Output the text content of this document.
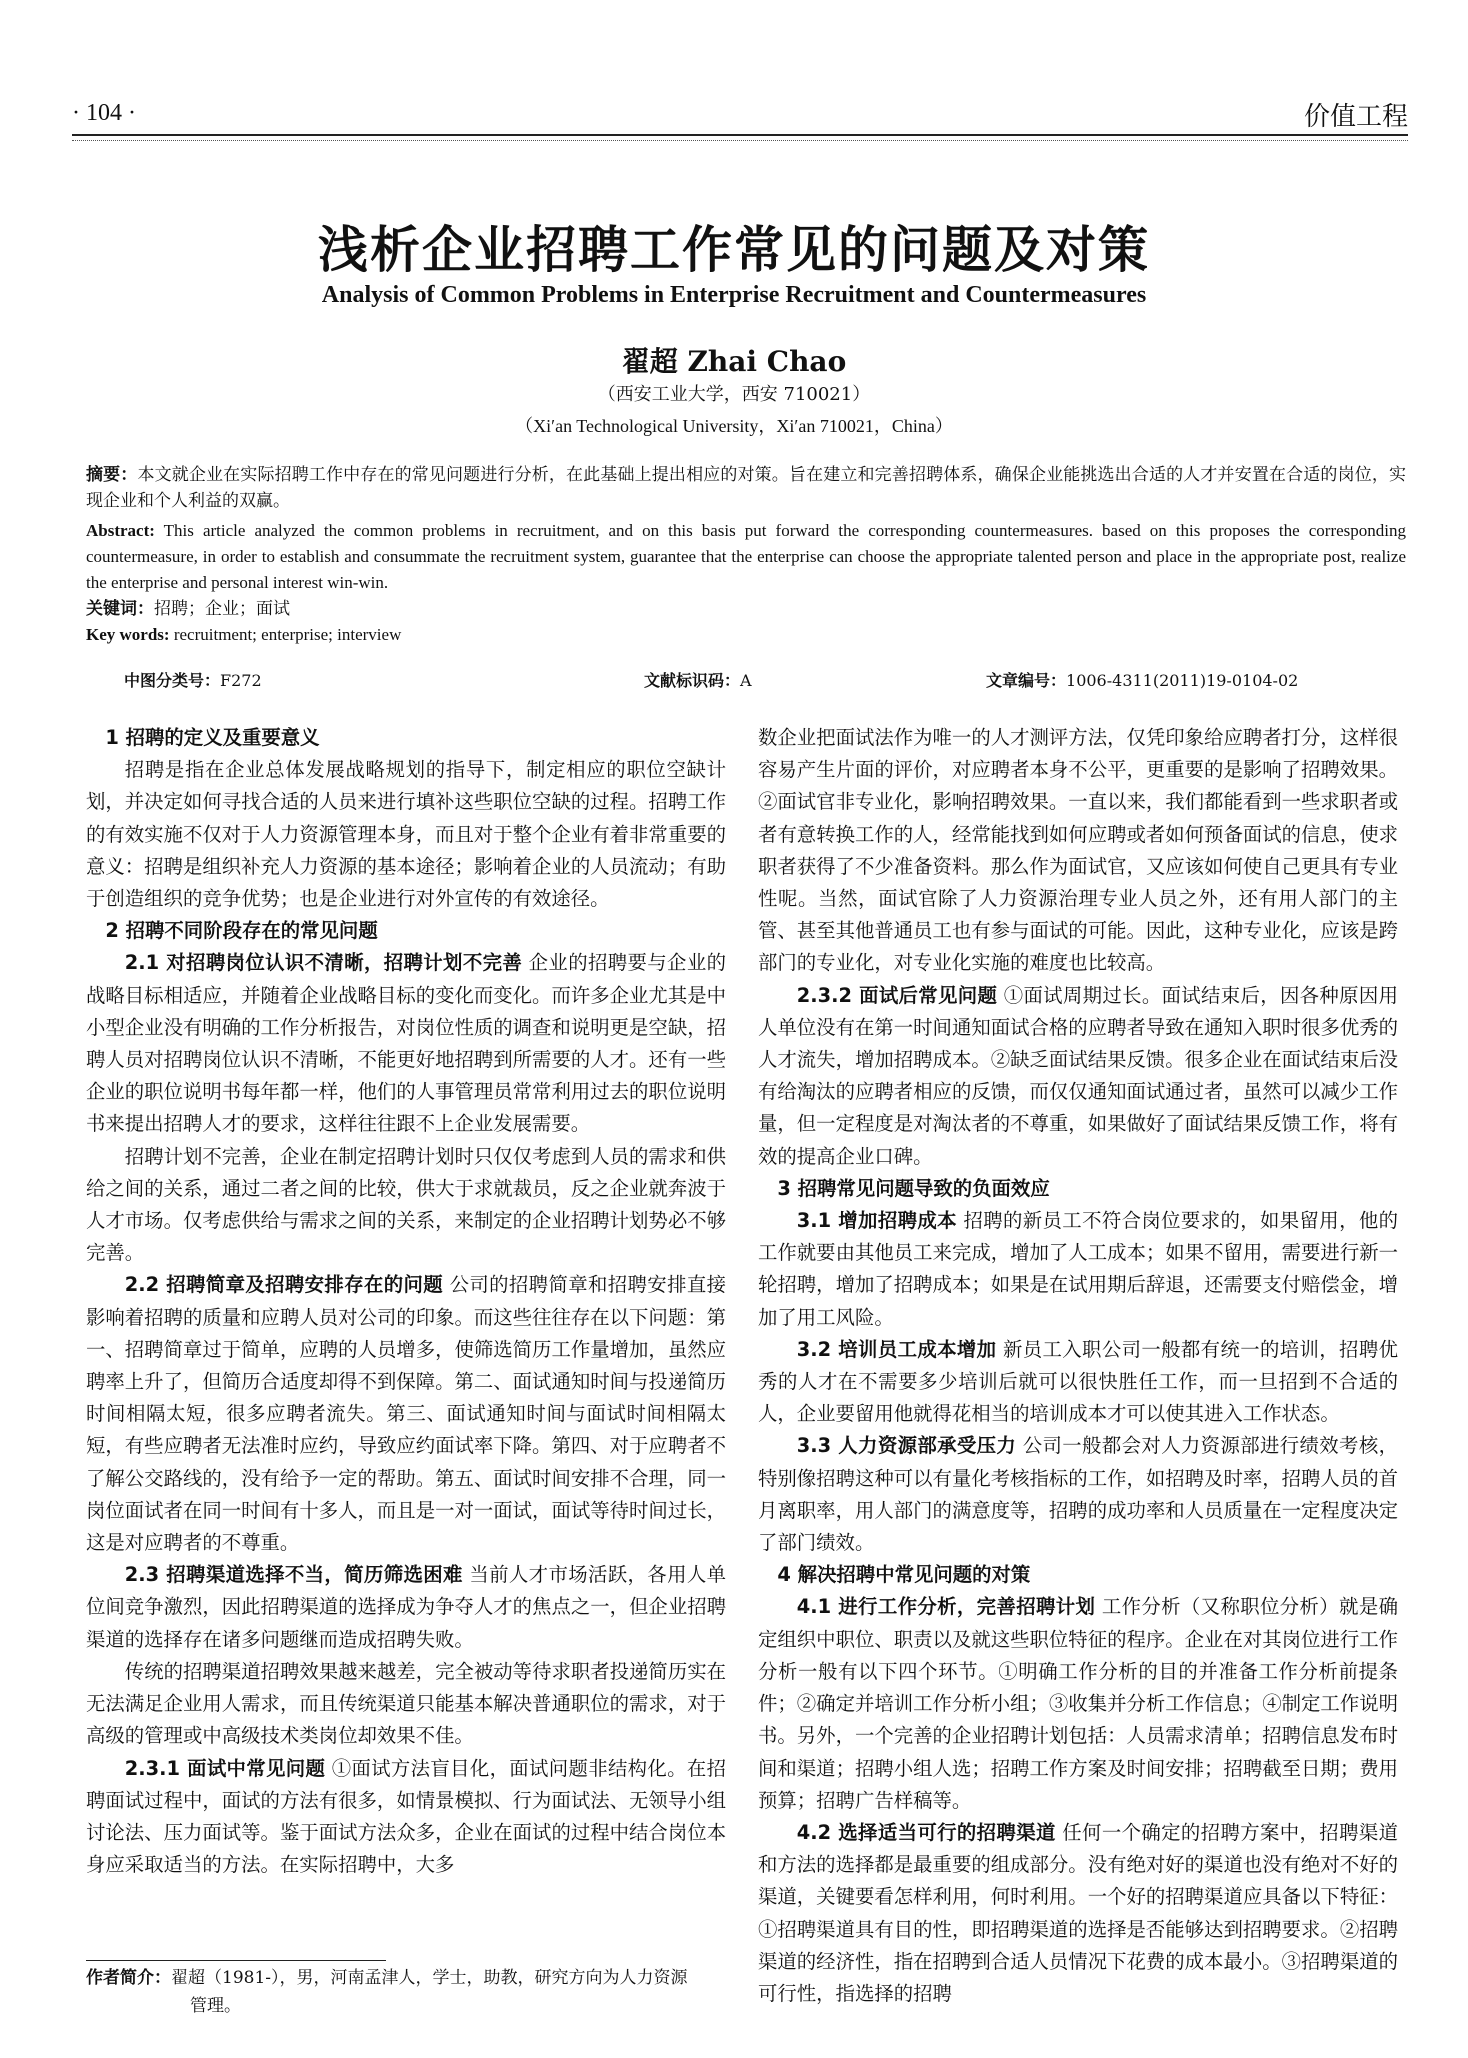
· 104 ·	价值工程
浅析企业招聘工作常见的问题及对策
Analysis of Common Problems in Enterprise Recruitment and Countermeasures
翟超 Zhai Chao
（西安工业大学，西安 710021）
（Xi′an Technological University，Xi′an 710021，China）

摘要：本文就企业在实际招聘工作中存在的常见问题进行分析，在此基础上提出相应的对策。旨在建立和完善招聘体系，确保企业能挑选出合适的人才并安置在合适的岗位，实现企业和个人利益的双赢。

Abstract: This article analyzed the common problems in recruitment, and on this basis put forward the corresponding countermeasures. based on this proposes the corresponding countermeasure, in order to establish and consummate the recruitment system, guarantee that the enterprise can choose the appropriate talented person and place in the appropriate post, realize the enterprise and personal interest win-win.

关键词：招聘；企业；面试

Key words: recruitment; enterprise; interview

中图分类号：F272	文献标识码：A	文章编号：1006-4311(2011)19-0104-02
1 招聘的定义及重要意义

招聘是指在企业总体发展战略规划的指导下，制定相应的职位空缺计划，并决定如何寻找合适的人员来进行填补这些职位空缺的过程。招聘工作的有效实施不仅对于人力资源管理本身，而且对于整个企业有着非常重要的意义：招聘是组织补充人力资源的基本途径；影响着企业的人员流动；有助于创造组织的竞争优势；也是企业进行对外宣传的有效途径。

2 招聘不同阶段存在的常见问题

2.1 对招聘岗位认识不清晰，招聘计划不完善 企业的招聘要与企业的战略目标相适应，并随着企业战略目标的变化而变化。而许多企业尤其是中小型企业没有明确的工作分析报告，对岗位性质的调查和说明更是空缺，招聘人员对招聘岗位认识不清晰，不能更好地招聘到所需要的人才。还有一些企业的职位说明书每年都一样，他们的人事管理员常常利用过去的职位说明书来提出招聘人才的要求，这样往往跟不上企业发展需要。

招聘计划不完善，企业在制定招聘计划时只仅仅考虑到人员的需求和供给之间的关系，通过二者之间的比较，供大于求就裁员，反之企业就奔波于人才市场。仅考虑供给与需求之间的关系，来制定的企业招聘计划势必不够完善。

2.2 招聘简章及招聘安排存在的问题 公司的招聘简章和招聘安排直接影响着招聘的质量和应聘人员对公司的印象。而这些往往存在以下问题：第一、招聘简章过于简单，应聘的人员增多，使筛选简历工作量增加，虽然应聘率上升了，但简历合适度却得不到保障。第二、面试通知时间与投递简历时间相隔太短，很多应聘者流失。第三、面试通知时间与面试时间相隔太短，有些应聘者无法准时应约，导致应约面试率下降。第四、对于应聘者不了解公交路线的，没有给予一定的帮助。第五、面试时间安排不合理，同一岗位面试者在同一时间有十多人，而且是一对一面试，面试等待时间过长，这是对应聘者的不尊重。

2.3 招聘渠道选择不当，简历筛选困难 当前人才市场活跃，各用人单位间竞争激烈，因此招聘渠道的选择成为争夺人才的焦点之一，但企业招聘渠道的选择存在诸多问题继而造成招聘失败。

传统的招聘渠道招聘效果越来越差，完全被动等待求职者投递简历实在无法满足企业用人需求，而且传统渠道只能基本解决普通职位的需求，对于高级的管理或中高级技术类岗位却效果不佳。

2.3.1 面试中常见问题 ①面试方法盲目化，面试问题非结构化。在招聘面试过程中，面试的方法有很多，如情景模拟、行为面试法、无领导小组讨论法、压力面试等。鉴于面试方法众多，企业在面试的过程中结合岗位本身应采取适当的方法。在实际招聘中，大多

数企业把面试法作为唯一的人才测评方法，仅凭印象给应聘者打分，这样很容易产生片面的评价，对应聘者本身不公平，更重要的是影响了招聘效果。②面试官非专业化，影响招聘效果。一直以来，我们都能看到一些求职者或者有意转换工作的人，经常能找到如何应聘或者如何预备面试的信息，使求职者获得了不少准备资料。那么作为面试官，又应该如何使自己更具有专业性呢。当然，面试官除了人力资源治理专业人员之外，还有用人部门的主管、甚至其他普通员工也有参与面试的可能。因此，这种专业化，应该是跨部门的专业化，对专业化实施的难度也比较高。

2.3.2 面试后常见问题 ①面试周期过长。面试结束后，因各种原因用人单位没有在第一时间通知面试合格的应聘者导致在通知入职时很多优秀的人才流失，增加招聘成本。②缺乏面试结果反馈。很多企业在面试结束后没有给淘汰的应聘者相应的反馈，而仅仅通知面试通过者，虽然可以减少工作量，但一定程度是对淘汰者的不尊重，如果做好了面试结果反馈工作，将有效的提高企业口碑。

3 招聘常见问题导致的负面效应

3.1 增加招聘成本 招聘的新员工不符合岗位要求的，如果留用，他的工作就要由其他员工来完成，增加了人工成本；如果不留用，需要进行新一轮招聘，增加了招聘成本；如果是在试用期后辞退，还需要支付赔偿金，增加了用工风险。

3.2 培训员工成本增加 新员工入职公司一般都有统一的培训，招聘优秀的人才在不需要多少培训后就可以很快胜任工作，而一旦招到不合适的人，企业要留用他就得花相当的培训成本才可以使其进入工作状态。

3.3 人力资源部承受压力 公司一般都会对人力资源部进行绩效考核，特别像招聘这种可以有量化考核指标的工作，如招聘及时率，招聘人员的首月离职率，用人部门的满意度等，招聘的成功率和人员质量在一定程度决定了部门绩效。

4 解决招聘中常见问题的对策

4.1 进行工作分析，完善招聘计划 工作分析（又称职位分析）就是确定组织中职位、职责以及就这些职位特征的程序。企业在对其岗位进行工作分析一般有以下四个环节。①明确工作分析的目的并准备工作分析前提条件；②确定并培训工作分析小组；③收集并分析工作信息；④制定工作说明书。另外，一个完善的企业招聘计划包括：人员需求清单；招聘信息发布时间和渠道；招聘小组人选；招聘工作方案及时间安排；招聘截至日期；费用预算；招聘广告样稿等。

4.2 选择适当可行的招聘渠道 任何一个确定的招聘方案中，招聘渠道和方法的选择都是最重要的组成部分。没有绝对好的渠道也没有绝对不好的渠道，关键要看怎样利用，何时利用。一个好的招聘渠道应具备以下特征：①招聘渠道具有目的性，即招聘渠道的选择是否能够达到招聘要求。②招聘渠道的经济性，指在招聘到合适人员情况下花费的成本最小。③招聘渠道的可行性，指选择的招聘

作者简介：翟超（1981-），男，河南孟津人，学士，助教，研究方向为人力资源
管理。
